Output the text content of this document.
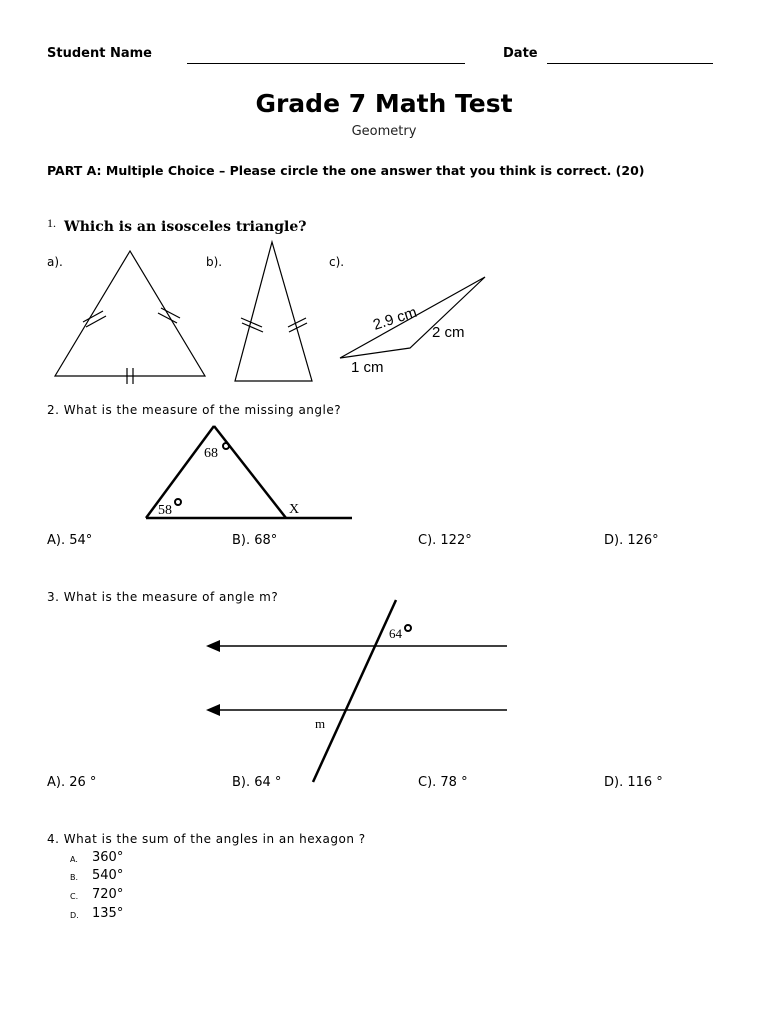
Student Name	Date
Grade 7 Math Test
Geometry
PART A: Multiple Choice – Please circle the one answer that you think is correct. (20)
1. Which is an isosceles triangle?
a).	b).	c).
2.9 cm 2 cm
1 cm
68
58	X
64
m
2. What is the measure of the missing angle?
A). 54°	B). 68°	C). 122°	D). 126°
3. What is the measure of angle m?
A). 26 °	B). 64 °	C). 78 °	D). 116 °
4. What is the sum of the angles in an hexagon ?
A. 360°
B. 540°
C. 720°
D. 135°
